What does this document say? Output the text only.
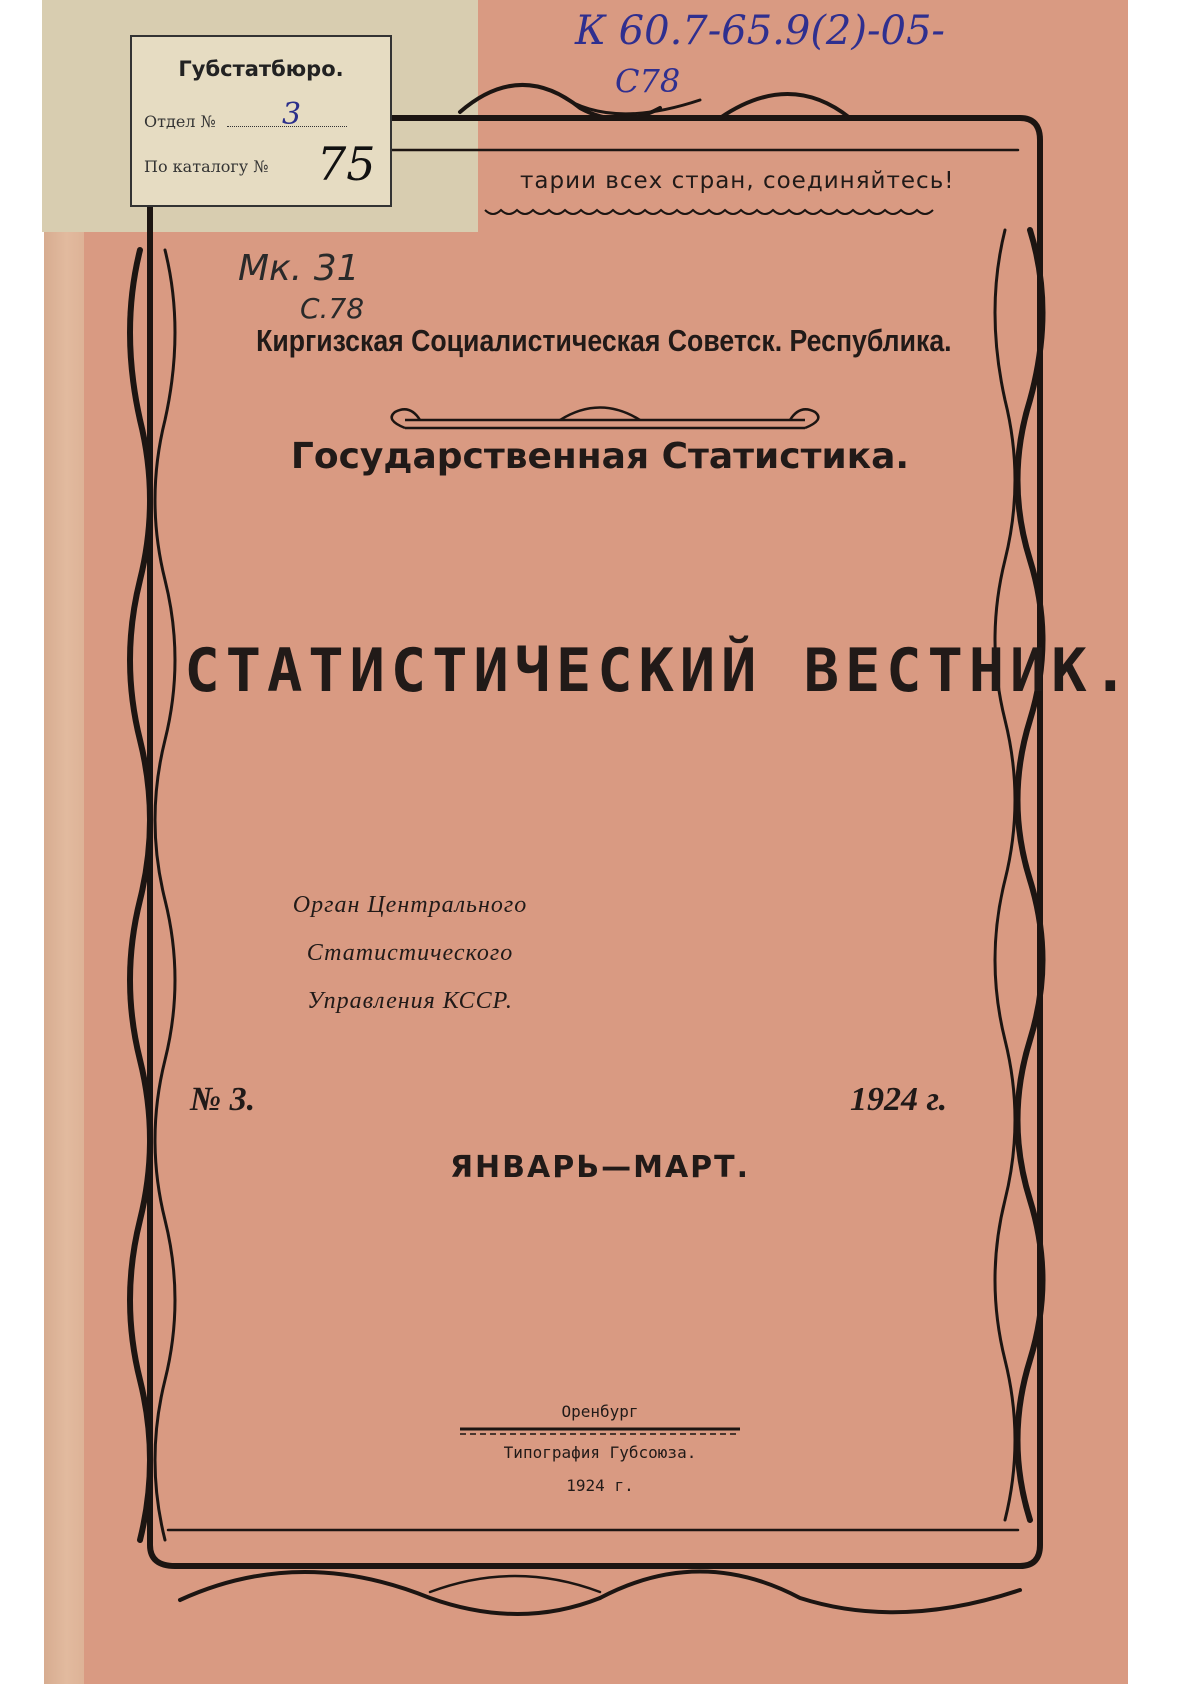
Губстатбюро.
Отдел №
По каталогу №
3
75
К 60.7-65.9(2)-05-
С78
Мк. 31
С.78
тарии всех стран, соединяйтесь!
Киргизская Социалистическая Советск. Республика.
Государственная Статистика.
СТАТИСТИЧЕСКИЙ ВЕСТНИК.
Орган Центрального
Статистического
Управления КССР.
№ 3.	1924 г.
ЯНВАРЬ—МАРТ.
Оренбург
Типография Губсоюза.
1924 г.
